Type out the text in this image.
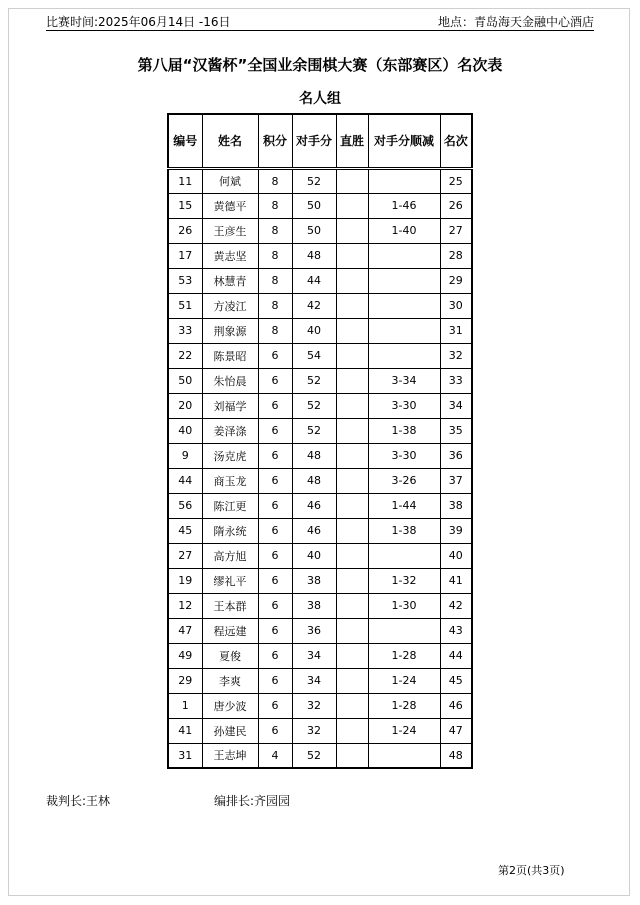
比赛时间:2025年06月14日 -16日	地点：青岛海天金融中心酒店
第八届“汉酱杯”全国业余围棋大赛（东部赛区）名次表
名人组
编号	姓名	积分	对手分	直胜	对手分顺减	名次
11	何斌	8	52			25
15	黄德平	8	50		1-46	26
26	王彦生	8	50		1-40	27
17	黄志坚	8	48			28
53	林慧青	8	44			29
51	方凌江	8	42			30
33	荆象源	8	40			31
22	陈景昭	6	54			32
50	朱怡晨	6	52		3-34	33
20	刘福学	6	52		3-30	34
40	姜泽涤	6	52		1-38	35
9	汤克虎	6	48		3-30	36
44	商玉龙	6	48		3-26	37
56	陈江更	6	46		1-44	38
45	隋永统	6	46		1-38	39
27	高方旭	6	40			40
19	缪礼平	6	38		1-32	41
12	王本群	6	38		1-30	42
47	程远建	6	36			43
49	夏俊	6	34		1-28	44
29	李爽	6	34		1-24	45
1	唐少波	6	32		1-28	46
41	孙建民	6	32		1-24	47
31	王志坤	4	52			48
裁判长:王林	编排长:齐园园
第2页(共3页)
